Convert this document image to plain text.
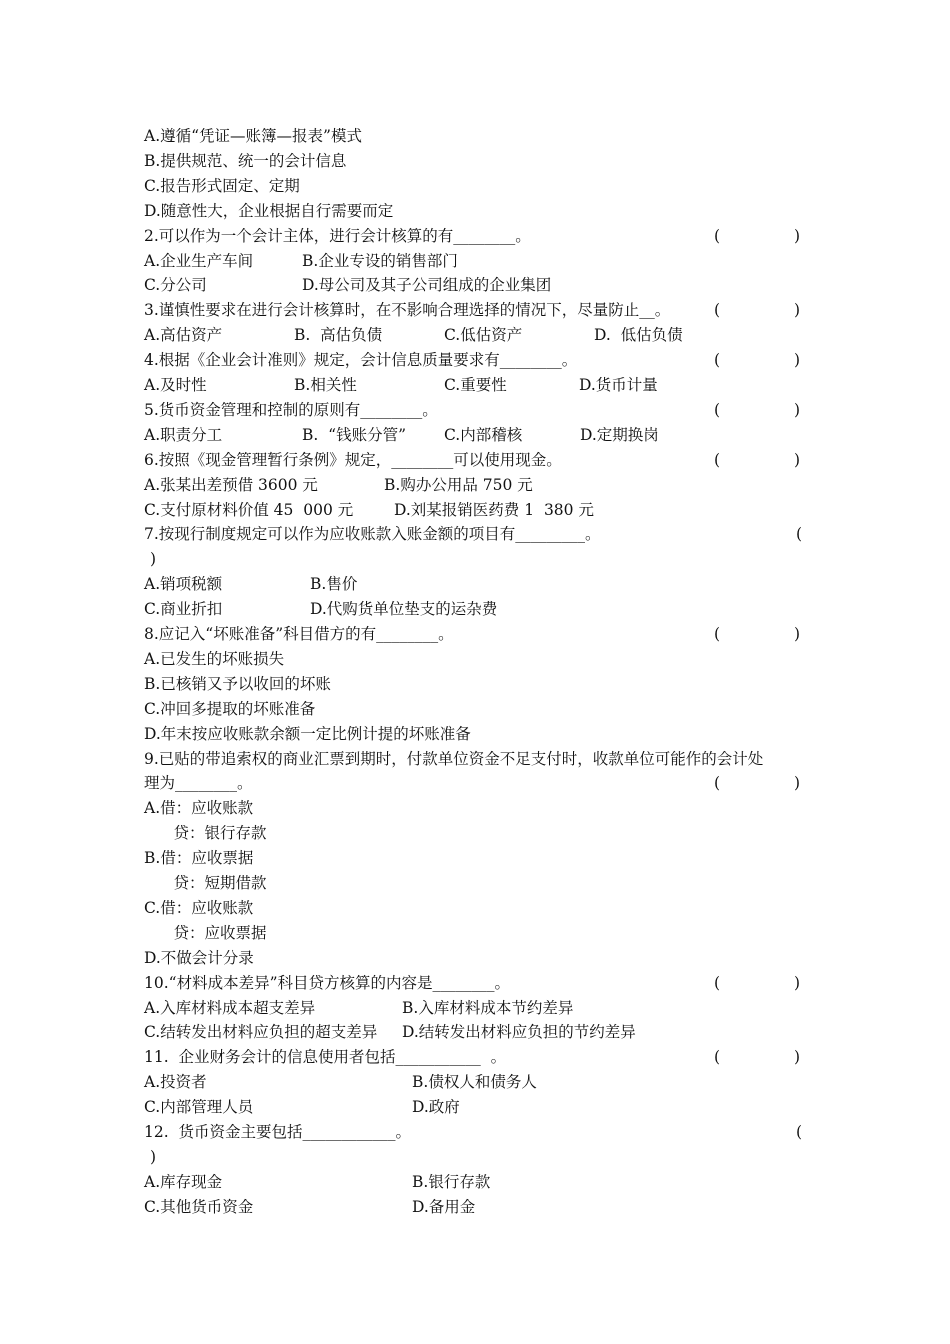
A.遵循“凭证—账簿—报表”模式
B.提供规范、统一的会计信息
C.报告形式固定、定期
D.随意性大，企业根据自行需要而定
2.可以作为一个会计主体，进行会计核算的有________。	(	)
A.企业生产车间	B.企业专设的销售部门
C.分公司	D.母公司及其子公司组成的企业集团
3.谨慎性要求在进行会计核算时，在不影响合理选择的情况下，尽量防止__。	(	)
A.高估资产	B.  高估负债	C.低估资产	D.  低估负债
4.根据《企业会计准则》规定，会计信息质量要求有________。	(	)
A.及时性	B.相关性	C.重要性	D.货币计量
5.货币资金管理和控制的原则有________。	(	)
A.职责分工	B.  “钱账分管” C.内部稽核	D.定期换岗
6.按照《现金管理暂行条例》规定，________可以使用现金。	(	)
A.张某出差预借 3600 元	B.购办公用品 750 元
C.支付原材料价值 45  000 元	D.刘某报销医药费 1  380 元
7.按现行制度规定可以作为应收账款入账金额的项目有_________。	(
)
A.销项税额	B.售价
C.商业折扣	D.代购货单位垫支的运杂费
8.应记入“坏账准备”科目借方的有________。	(	)
A.已发生的坏账损失
B.已核销又予以收回的坏账
C.冲回多提取的坏账准备
D.年末按应收账款余额一定比例计提的坏账准备
9.已贴的带追索权的商业汇票到期时，付款单位资金不足支付时，收款单位可能作的会计处
理为________。	(	)
A.借：应收账款
贷：银行存款
B.借：应收票据
贷：短期借款
C.借：应收账款
贷：应收票据
D.不做会计分录
10.“材料成本差异”科目贷方核算的内容是________。	(	)
A.入库材料成本超支差异	B.入库材料成本节约差异
C.结转发出材料应负担的超支差异 D.结转发出材料应负担的节约差异
11.  企业财务会计的信息使用者包括___________  。	(	)
A.投资者	B.债权人和债务人
C.内部管理人员	D.政府
12.  货币资金主要包括____________。	(
)
A.库存现金	B.银行存款
C.其他货币资金	D.备用金
